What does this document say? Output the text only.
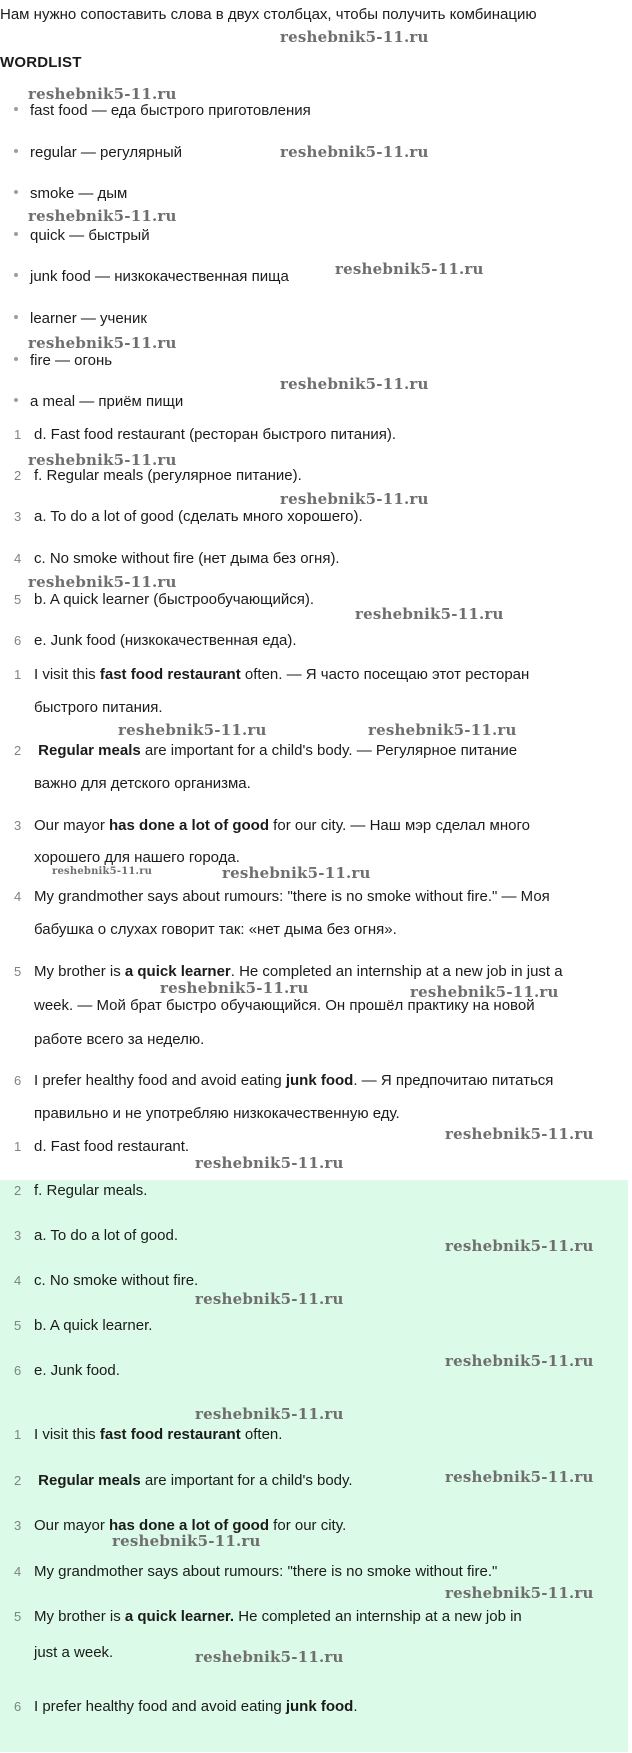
Нам нужно сопоставить слова в двух столбцах, чтобы получить комбинацию
WORDLIST
fast food — еда быстрого приготовления
regular — регулярный
smoke — дым
quick — быстрый
junk food — низкокачественная пища
learner — ученик
fire — огонь
a meal — приём пищи
1 d. Fast food restaurant (ресторан быстрого питания).
2 f. Regular meals (регулярное питание).
3 a. To do a lot of good (сделать много хорошего).
4 c. No smoke without fire (нет дыма без огня).
5 b. A quick learner (быстрообучающийся).
6 e. Junk food (низкокачественная еда).
1 I visit this fast food restaurant often. — Я часто посещаю этот ресторан
быстрого питания.
2 Regular meals are important for a child's body. — Регулярное питание
важно для детского организма.
3 Our mayor has done a lot of good for our city. — Наш мэр сделал много
хорошего для нашего города.
4 My grandmother says about rumours: "there is no smoke without fire." — Моя
бабушка о слухах говорит так: «нет дыма без огня».
5 My brother is a quick learner. He completed an internship at a new job in just a
week. — Мой брат быстро обучающийся. Он прошёл практику на новой
работе всего за неделю.
6 I prefer healthy food and avoid eating junk food. — Я предпочитаю питаться
правильно и не употребляю низкокачественную еду.
1 d. Fast food restaurant.
2 f. Regular meals.
3 a. To do a lot of good.
4 c. No smoke without fire.
5 b. A quick learner.
6 e. Junk food.
1 I visit this fast food restaurant often.
2 Regular meals are important for a child's body.
3 Our mayor has done a lot of good for our city.
4 My grandmother says about rumours: "there is no smoke without fire."
5 My brother is a quick learner. He completed an internship at a new job in
just a week.
6 I prefer healthy food and avoid eating junk food.
reshebnik5-11.ru
reshebnik5-11.ru
reshebnik5-11.ru
reshebnik5-11.ru
reshebnik5-11.ru
reshebnik5-11.ru
reshebnik5-11.ru
reshebnik5-11.ru
reshebnik5-11.ru
reshebnik5-11.ru
reshebnik5-11.ru
reshebnik5-11.ru	reshebnik5-11.ru
reshebnik5-11.ru	reshebnik5-11.ru
reshebnik5-11.ru	reshebnik5-11.ru
reshebnik5-11.ru
reshebnik5-11.ru
reshebnik5-11.ru
reshebnik5-11.ru
reshebnik5-11.ru
reshebnik5-11.ru
reshebnik5-11.ru
reshebnik5-11.ru
reshebnik5-11.ru
reshebnik5-11.ru
